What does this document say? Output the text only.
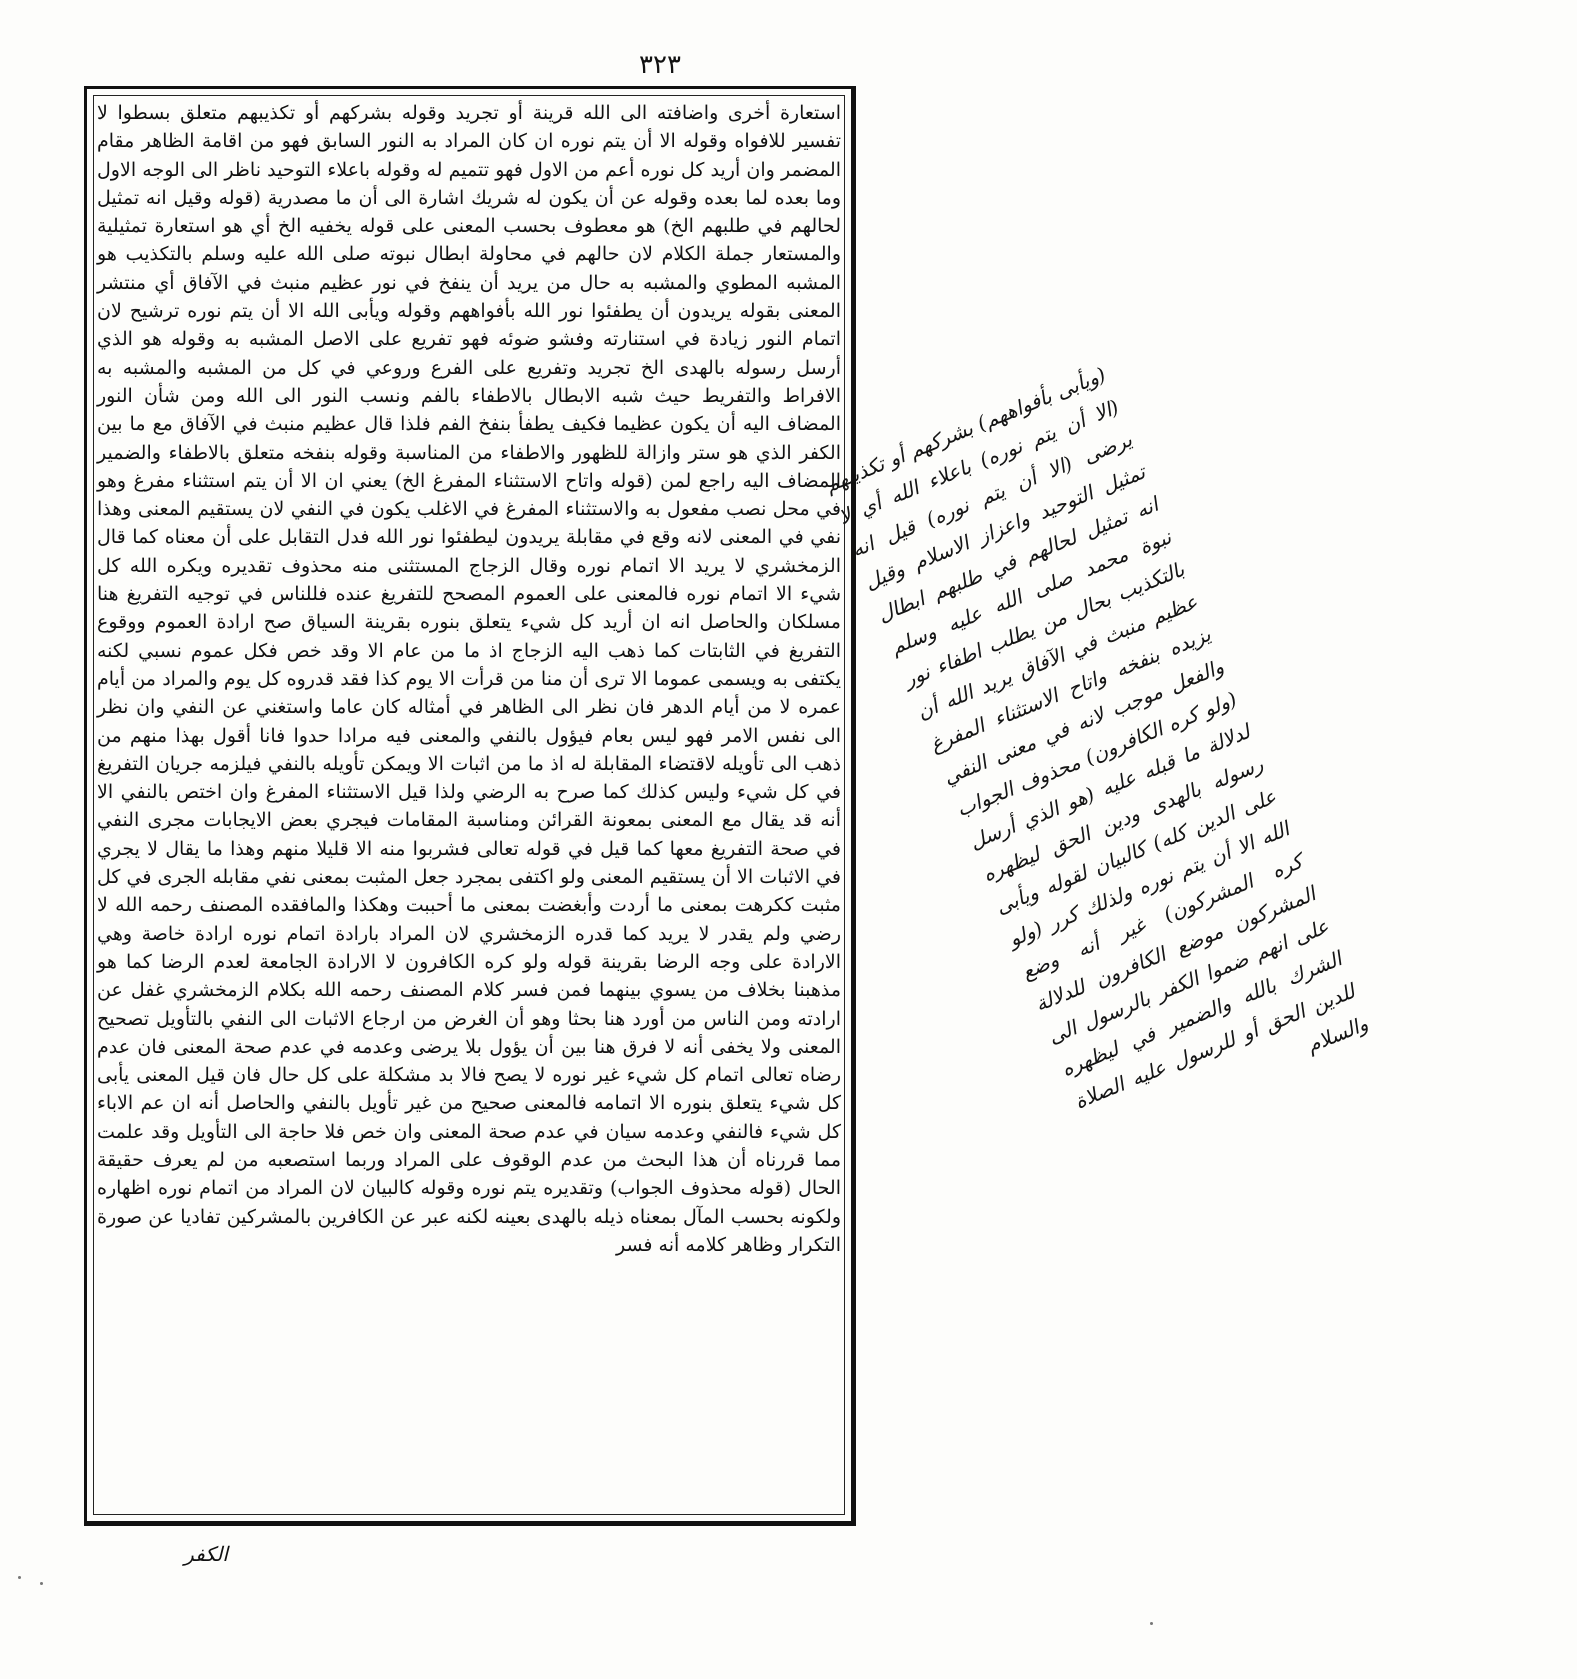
٣٢٣

استعارة أخرى واضافته الى الله قرينة أو تجريد وقوله بشركهم أو تكذيبهم متعلق بسطوا لا تفسير للافواه وقوله الا أن يتم نوره ان كان المراد به النور السابق فهو من اقامة الظاهر مقام المضمر وان أريد كل نوره أعم من الاول فهو تتميم له وقوله باعلاء التوحيد ناظر الى الوجه الاول وما بعده لما بعده وقوله عن أن يكون له شريك اشارة الى أن ما مصدرية (قوله وقيل انه تمثيل لحالهم في طلبهم الخ) هو معطوف بحسب المعنى على قوله يخفيه الخ أي هو استعارة تمثيلية والمستعار جملة الكلام لان حالهم في محاولة ابطال نبوته صلى الله عليه وسلم بالتكذيب هو المشبه المطوي والمشبه به حال من يريد أن ينفخ في نور عظيم منبث في الآفاق أي منتشر المعنى بقوله يريدون أن يطفئوا نور الله بأفواههم وقوله ويأبى الله الا أن يتم نوره ترشيح لان اتمام النور زيادة في استنارته وفشو ضوئه فهو تفريع على الاصل المشبه به وقوله هو الذي أرسل رسوله بالهدى الخ تجريد وتفريع على الفرع وروعي في كل من المشبه والمشبه به الافراط والتفريط حيث شبه الابطال بالاطفاء بالفم ونسب النور الى الله ومن شأن النور المضاف اليه أن يكون عظيما فكيف يطفأ بنفخ الفم فلذا قال عظيم منبث في الآفاق مع ما بين الكفر الذي هو ستر وازالة للظهور والاطفاء من المناسبة وقوله بنفخه متعلق بالاطفاء والضمير المضاف اليه راجع لمن (قوله واتاح الاستثناء المفرغ الخ) يعني ان الا أن يتم استثناء مفرغ وهو في محل نصب مفعول به والاستثناء المفرغ في الاغلب يكون في النفي لان يستقيم المعنى وهذا نفي في المعنى لانه وقع في مقابلة يريدون ليطفئوا نور الله فدل التقابل على أن معناه كما قال الزمخشري لا يريد الا اتمام نوره وقال الزجاج المستثنى منه محذوف تقديره ويكره الله كل شيء الا اتمام نوره فالمعنى على العموم المصحح للتفريغ عنده فللناس في توجيه التفريغ هنا مسلكان والحاصل انه ان أريد كل شيء يتعلق بنوره بقرينة السياق صح ارادة العموم ووقوع التفريغ في الثابتات كما ذهب اليه الزجاج اذ ما من عام الا وقد خص فكل عموم نسبي لكنه يكتفى به ويسمى عموما الا ترى أن منا من قرأت الا يوم كذا فقد قدروه كل يوم والمراد من أيام عمره لا من أيام الدهر فان نظر الى الظاهر في أمثاله كان عاما واستغني عن النفي وان نظر الى نفس الامر فهو ليس بعام فيؤول بالنفي والمعنى فيه مرادا حدوا فانا أقول بهذا منهم من ذهب الى تأويله لاقتضاء المقابلة له اذ ما من اثبات الا ويمكن تأويله بالنفي فيلزمه جريان التفريغ في كل شيء وليس كذلك كما صرح به الرضي ولذا قيل الاستثناء المفرغ وان اختص بالنفي الا أنه قد يقال مع المعنى بمعونة القرائن ومناسبة المقامات فيجري بعض الايجابات مجرى النفي في صحة التفريغ معها كما قيل في قوله تعالى فشربوا منه الا قليلا منهم وهذا ما يقال لا يجري في الاثبات الا أن يستقيم المعنى ولو اكتفى بمجرد جعل المثبت بمعنى نفي مقابله الجرى في كل مثبت ككرهت بمعنى ما أردت وأبغضت بمعنى ما أحببت وهكذا والمافقده المصنف رحمه الله لا رضي ولم يقدر لا يريد كما قدره الزمخشري لان المراد بارادة اتمام نوره ارادة خاصة وهي الارادة على وجه الرضا بقرينة قوله ولو كره الكافرون لا الارادة الجامعة لعدم الرضا كما هو مذهبنا بخلاف من يسوي بينهما فمن فسر كلام المصنف رحمه الله بكلام الزمخشري غفل عن ارادته ومن الناس من أورد هنا بحثا وهو أن الغرض من ارجاع الاثبات الى النفي بالتأويل تصحيح المعنى ولا يخفى أنه لا فرق هنا بين أن يؤول بلا يرضى وعدمه في عدم صحة المعنى فان عدم رضاه تعالى اتمام كل شيء غير نوره لا يصح فالا بد مشكلة على كل حال فان قيل المعنى يأبى كل شيء يتعلق بنوره الا اتمامه فالمعنى صحيح من غير تأويل بالنفي والحاصل أنه ان عم الاباء كل شيء فالنفي وعدمه سيان في عدم صحة المعنى وان خص فلا حاجة الى التأويل وقد علمت مما قررناه أن هذا البحث من عدم الوقوف على المراد وربما استصعبه من لم يعرف حقيقة الحال (قوله محذوف الجواب) وتقديره يتم نوره وقوله كالبيان لان المراد من اتمام نوره اظهاره ولكونه بحسب المآل بمعناه ذيله بالهدى بعينه لكنه عبر عن الكافرين بالمشركين تفاديا عن صورة التكرار وظاهر كلامه أنه فسر

الكفر
(ويأبى بأفواههم) بشركهم أو تكذيبهم (الا أن يتم نوره) باعلاء الله أي لا يرضى (الا أن يتم نوره) قيل انه تمثيل التوحيد واعزاز الاسلام وقيل انه تمثيل لحالهم في طلبهم ابطال نبوة محمد صلى الله عليه وسلم بالتكذيب بحال من يطلب اطفاء نور عظيم منبث في الآفاق يريد الله أن يزيده بنفخه واتاح الاستثناء المفرغ والفعل موجب لانه في معنى النفي (ولو كره الكافرون) محذوف الجواب لدلالة ما قبله عليه (هو الذي أرسل رسوله بالهدى ودين الحق ليظهره على الدين كله) كالبيان لقوله ويأبى الله الا أن يتم نوره ولذلك كرر (ولو كره المشركون) غير أنه وضع المشركون موضع الكافرون للدلالة على انهم ضموا الكفر بالرسول الى الشرك بالله والضمير في ليظهره للدين الحق أو للرسول عليه الصلاة والسلام
